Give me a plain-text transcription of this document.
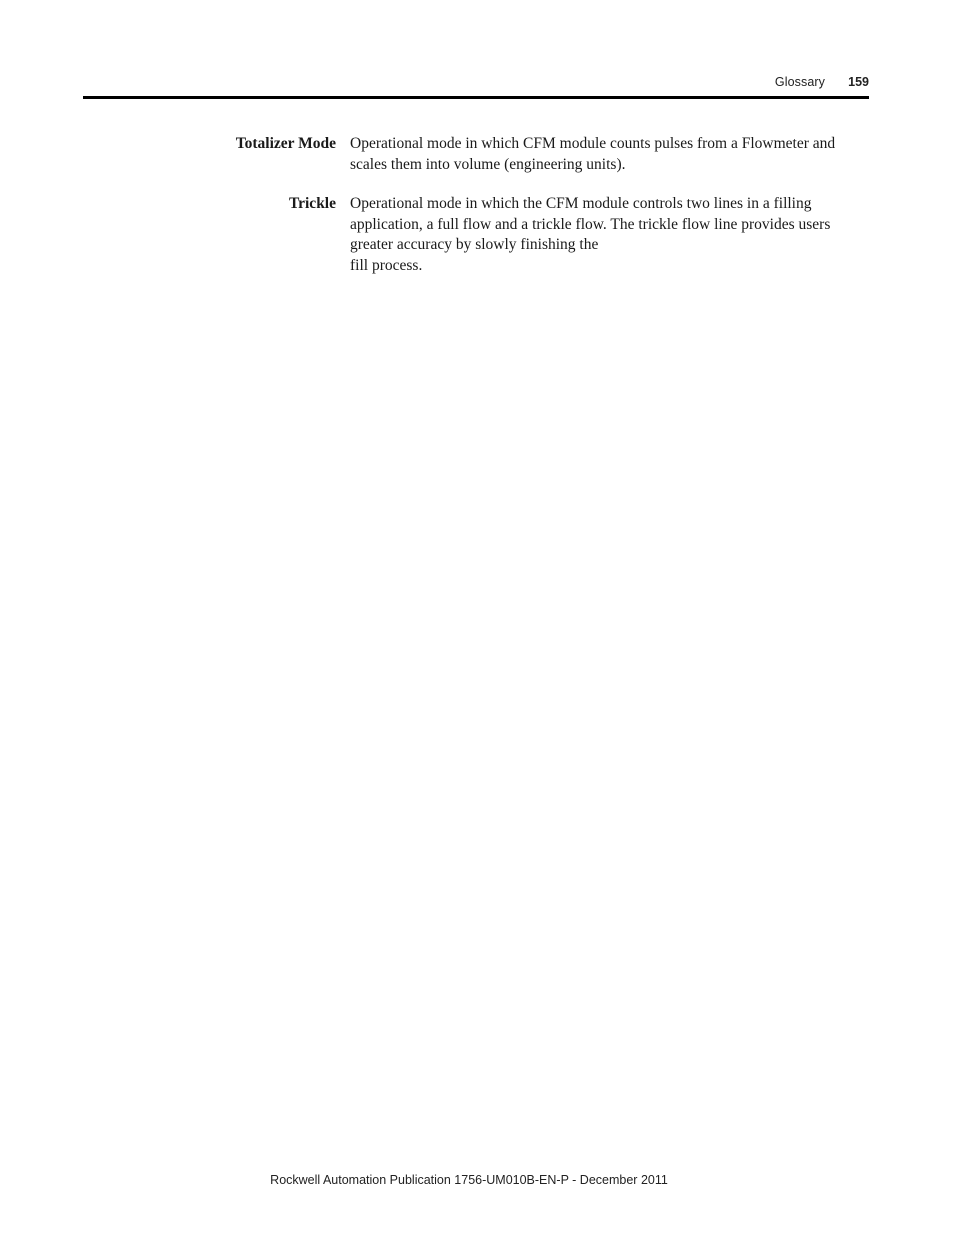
Glossary 159
Totalizer Mode Operational mode in which CFM module counts pulses from a Flowmeter and
scales them into volume (engineering units).
Trickle Operational mode in which the CFM module controls two lines in a filling
application, a full flow and a trickle flow. The trickle flow line provides users
greater accuracy by slowly finishing the
fill process.
Rockwell Automation Publication 1756-UM010B-EN-P - December 2011
